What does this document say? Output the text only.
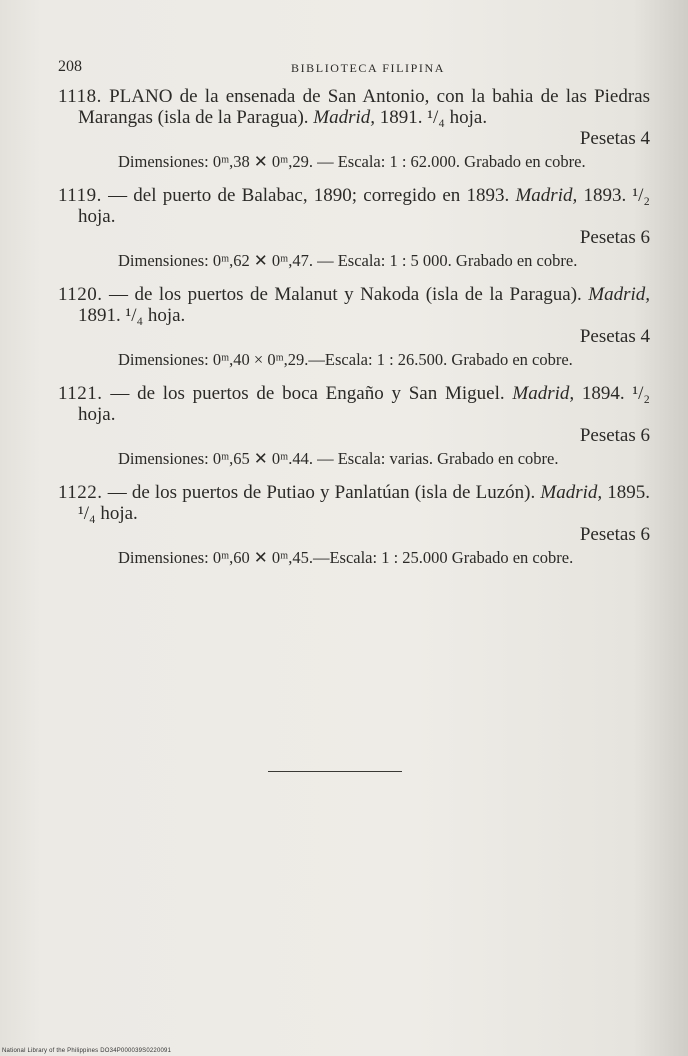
208	BIBLIOTECA FILIPINA
1118. PLANO de la ensenada de San Antonio, con la bahia de las Piedras Marangas (isla de la Paragua). Madrid, 1891. ¹/₄ hoja.
Pesetas 4
Dimensiones: 0ᵐ,38 ✕ 0ᵐ,29. — Escala: 1 : 62.000. Grabado en cobre.
1119. — del puerto de Balabac, 1890; corregido en 1893. Madrid, 1893. ¹/₂ hoja.
Pesetas 6
Dimensiones: 0ᵐ,62 ✕ 0ᵐ,47. — Escala: 1 : 5 000. Grabado en cobre.
1120. — de los puertos de Malanut y Nakoda (isla de la Paragua). Madrid, 1891. ¹/₄ hoja.
Pesetas 4
Dimensiones: 0ᵐ,40 × 0ᵐ,29.—Escala: 1 : 26.500. Grabado en cobre.
1121. — de los puertos de boca Engaño y San Miguel. Madrid, 1894. ¹/₂ hoja.
Pesetas 6
Dimensiones: 0ᵐ,65 ✕ 0ᵐ.44. — Escala: varias. Grabado en cobre.
1122. — de los puertos de Putiao y Panlatúan (isla de Luzón). Madrid, 1895. ¹/₄ hoja.
Pesetas 6
Dimensiones: 0ᵐ,60 ✕ 0ᵐ,45.—Escala: 1 : 25.000 Grabado en cobre.
National Library of the Philippines DO34P000039S0220091
